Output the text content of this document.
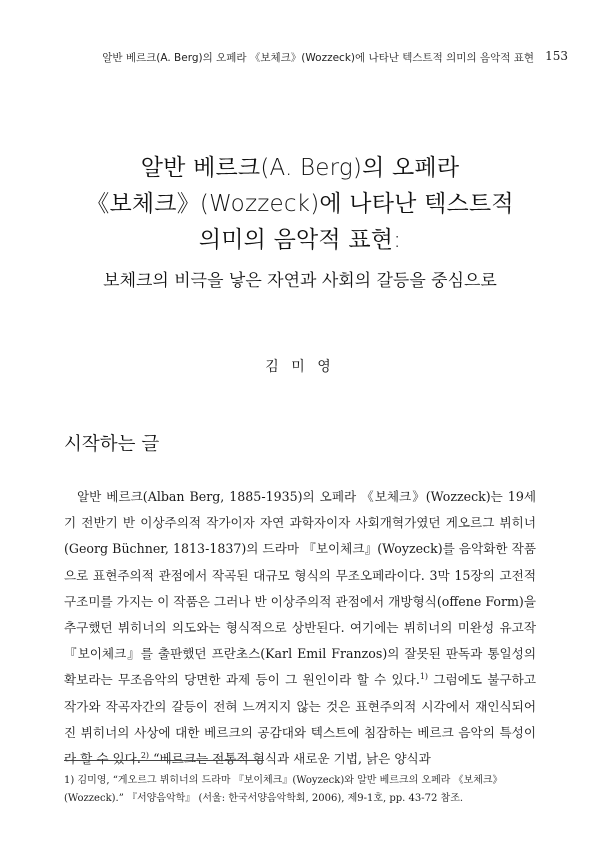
알반 베르크(A. Berg)의 오페라 《보체크》(Wozzeck)에 나타난 텍스트적 의미의 음악적 표현 153
알반 베르크(A. Berg)의 오페라
《보체크》(Wozzeck)에 나타난 텍스트적
의미의 음악적 표현:
보체크의 비극을 낳은 자연과 사회의 갈등을 중심으로
김 미 영
시작하는 글

알반 베르크(Alban Berg, 1885-1935)의 오페라 《보체크》(Wozzeck)는 19세기 전반기 반 이상주의적 작가이자 자연 과학자이자 사회개혁가였던 게오르그 뷔히너(Georg Büchner, 1813-1837)의 드라마 『보이체크』(Woyzeck)를 음악화한 작품으로 표현주의적 관점에서 작곡된 대규모 형식의 무조오페라이다. 3막 15장의 고전적 구조미를 가지는 이 작품은 그러나 반 이상주의적 관점에서 개방형식(offene Form)을 추구했던 뷔히너의 의도와는 형식적으로 상반된다. 여기에는 뷔히너의 미완성 유고작 『보이체크』를 출판했던 프란초스(Karl Emil Franzos)의 잘못된 판독과 통일성의 확보라는 무조음악의 당면한 과제 등이 그 원인이라 할 수 있다.$^{1)}$ 그럼에도 불구하고 작가와 작곡자간의 갈등이 전혀 느껴지지 않는 것은 표현주의적 시각에서 재인식되어진 뷔히너의 사상에 대한 베르크의 공감대와 텍스트에 침잠하는 베르크 음악의 특성이라 할 수 있다.$^{2)}$ “베르크는 전통적 형식과 새로운 기법, 낡은 양식과

1) 김미영, “게오르그 뷔히너의 드라마 『보이체크』(Woyzeck)와 알반 베르크의 오페라 《보체크》(Wozzeck).” 『서양음악학』 (서울: 한국서양음악학회, 2006), 제9-1호, pp. 43-72 참조.
